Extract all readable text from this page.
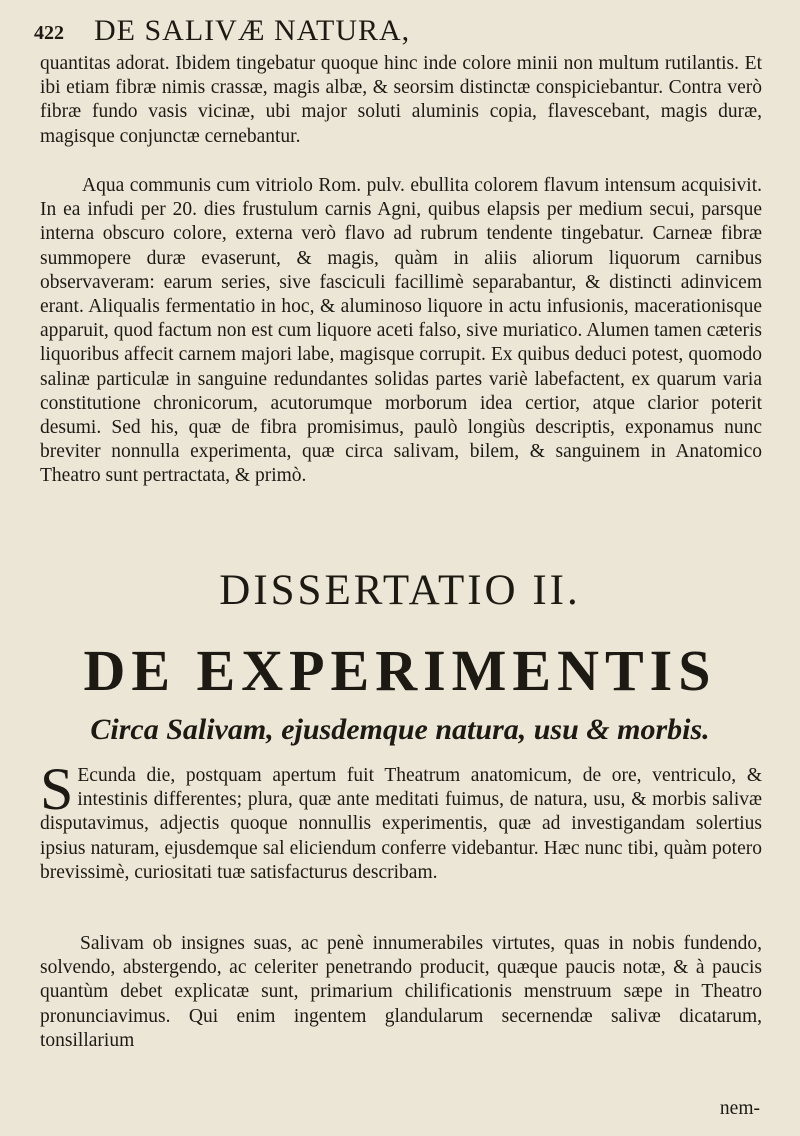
422 DE SALIVÆ NATURA,

quantitas adorat. Ibidem tingebatur quoque hinc inde colore minii non multum rutilantis. Et ibi etiam fibræ nimis crassæ, magis albæ, & seorsim distinctæ conspiciebantur. Contra verò fibræ fundo vasis vicinæ, ubi major soluti aluminis copia, flavescebant, magis duræ, magisque conjunctæ cernebantur.

Aqua communis cum vitriolo Rom. pulv. ebullita colorem flavum intensum acquisivit. In ea infudi per 20. dies frustulum carnis Agni, quibus elapsis per medium secui, parsque interna obscuro colore, externa verò flavo ad rubrum tendente tingebatur. Carneæ fibræ summopere duræ evaserunt, & magis, quàm in aliis aliorum liquorum carnibus observaveram: earum series, sive fasciculi facillimè separabantur, & distincti adinvicem erant. Aliqualis fermentatio in hoc, & aluminoso liquore in actu infusionis, macerationisque apparuit, quod factum non est cum liquore aceti falso, sive muriatico. Alumen tamen cæteris liquoribus affecit carnem majori labe, magisque corrupit. Ex quibus deduci potest, quomodo salinæ particulæ in sanguine redundantes solidas partes variè labefactent, ex quarum varia constitutione chronicorum, acutorumque morborum idea certior, atque clarior poterit desumi. Sed his, quæ de fibra promisimus, paulò longiùs descriptis, exponamus nunc breviter nonnulla experimenta, quæ circa salivam, bilem, & sanguinem in Anatomico Theatro sunt pertractata, & primò.

DISSERTATIO II.
DE EXPERIMENTIS
Circa Salivam, ejusdemque natura, usu & morbis.
S Ecunda die, postquam apertum fuit Theatrum anatomicum, de ore, ventriculo, & intestinis differentes; plura, quæ ante meditati fuimus, de natura, usu, & morbis salivæ disputavimus, adjectis quoque nonnullis experimentis, quæ ad investigandam solertius ipsius naturam, ejusdemque sal eliciendum conferre videbantur. Hæc nunc tibi, quàm potero brevissimè, curiositati tuæ satisfacturus describam.

Salivam ob insignes suas, ac penè innumerabiles virtutes, quas in nobis fundendo, solvendo, abstergendo, ac celeriter penetrando producit, quæque paucis notæ, & à paucis quantùm debet explicatæ sunt, primarium chilificationis menstruum sæpe in Theatro pronunciavimus. Qui enim ingentem glandularum secernendæ salivæ dicatarum, tonsillarium

nem-
